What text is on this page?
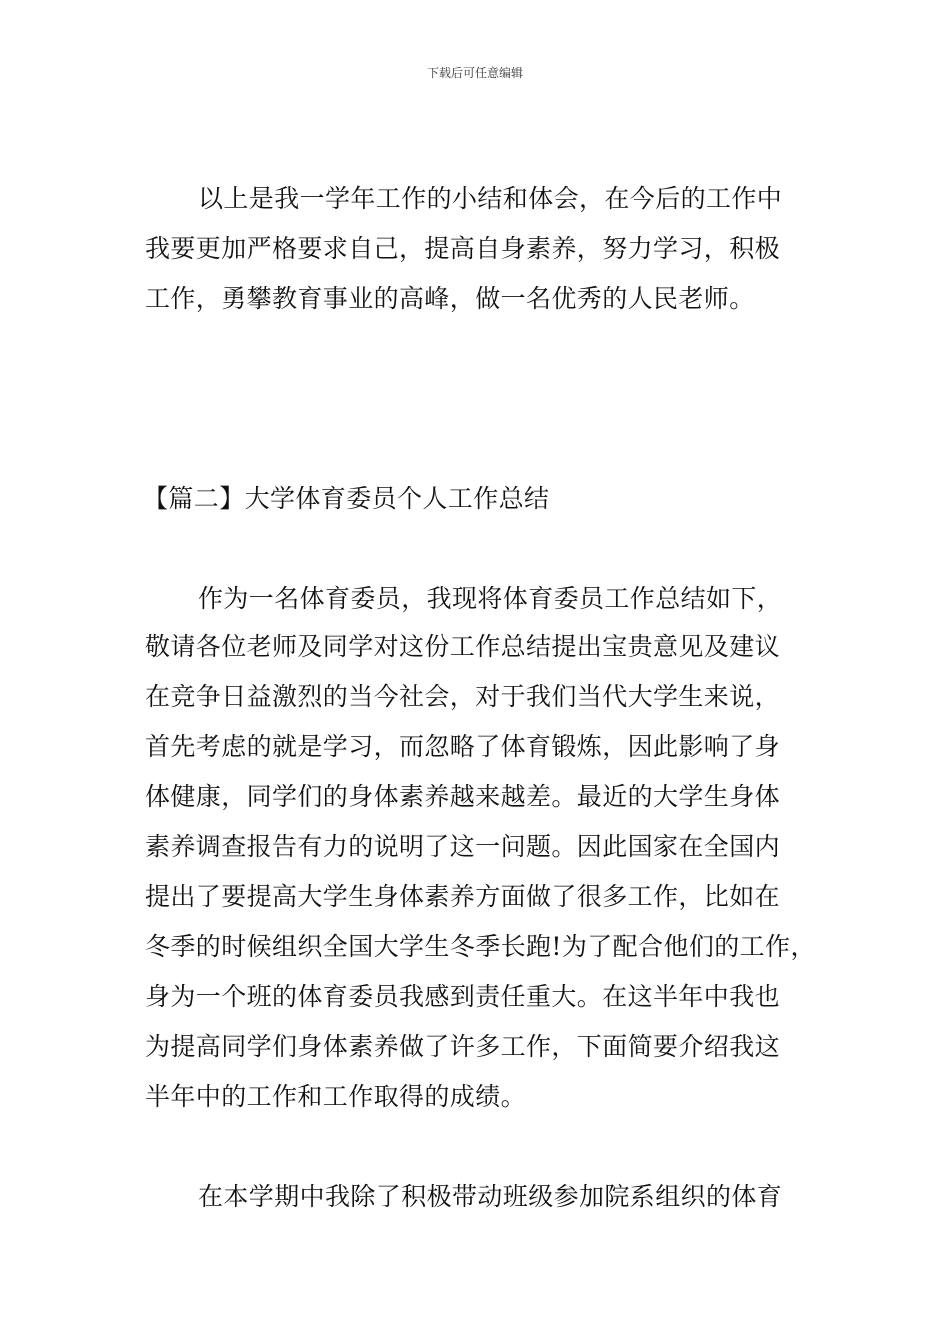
下载后可任意编辑
以上是我一学年工作的小结和体会，在今后的工作中
我要更加严格要求自己，提高自身素养，努力学习，积极
工作，勇攀教育事业的高峰，做一名优秀的人民老师。
【篇二】大学体育委员个人工作总结
作为一名体育委员，我现将体育委员工作总结如下，
敬请各位老师及同学对这份工作总结提出宝贵意见及建议
在竞争日益激烈的当今社会，对于我们当代大学生来说，
首先考虑的就是学习，而忽略了体育锻炼，因此影响了身
体健康，同学们的身体素养越来越差。最近的大学生身体
素养调查报告有力的说明了这一问题。因此国家在全国内
提出了要提高大学生身体素养方面做了很多工作，比如在
冬季的时候组织全国大学生冬季长跑!为了配合他们的工作，
身为一个班的体育委员我感到责任重大。在这半年中我也
为提高同学们身体素养做了许多工作，下面简要介绍我这
半年中的工作和工作取得的成绩。
在本学期中我除了积极带动班级参加院系组织的体育
